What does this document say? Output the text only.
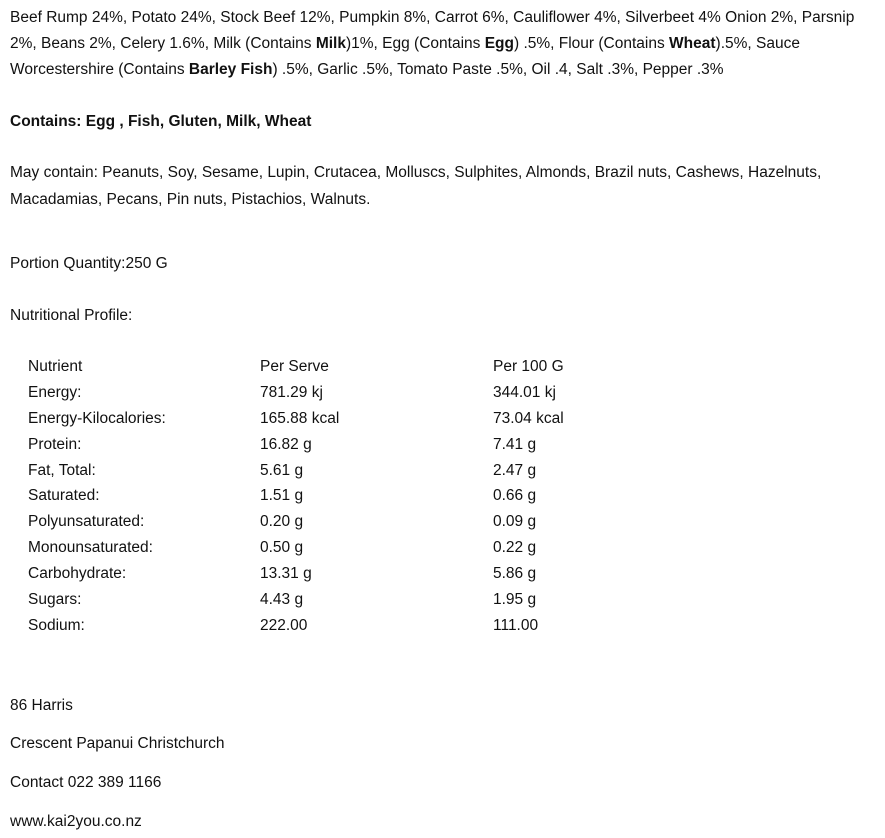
Beef Rump 24%, Potato 24%, Stock Beef 12%, Pumpkin 8%, Carrot 6%, Cauliflower 4%, Silverbeet 4% Onion 2%, Parsnip 2%, Beans 2%, Celery 1.6%, Milk (Contains Milk)1%, Egg (Contains Egg) .5%, Flour (Contains Wheat).5%, Sauce Worcestershire (Contains Barley Fish) .5%, Garlic .5%, Tomato Paste .5%, Oil .4, Salt .3%, Pepper .3%
Contains: Egg , Fish, Gluten, Milk, Wheat
May contain: Peanuts, Soy, Sesame, Lupin, Crutacea, Molluscs, Sulphites, Almonds, Brazil nuts, Cashews, Hazelnuts, Macadamias, Pecans, Pin nuts, Pistachios, Walnuts.
Portion Quantity:250 G
Nutritional Profile:
Nutrient	Per Serve	Per 100 G
Energy:	781.29 kj	344.01 kj
Energy-Kilocalories:	165.88 kcal	73.04 kcal
Protein:	16.82 g	7.41 g
Fat, Total:	5.61 g	2.47 g
Saturated:	1.51 g	0.66 g
Polyunsaturated:	0.20 g	0.09 g
Monounsaturated:	0.50 g	0.22 g
Carbohydrate:	13.31 g	5.86 g
Sugars:	4.43 g	1.95 g
Sodium:	222.00	111.00
86 Harris
Crescent Papanui Christchurch
Contact 022 389 1166
www.kai2you.co.nz
